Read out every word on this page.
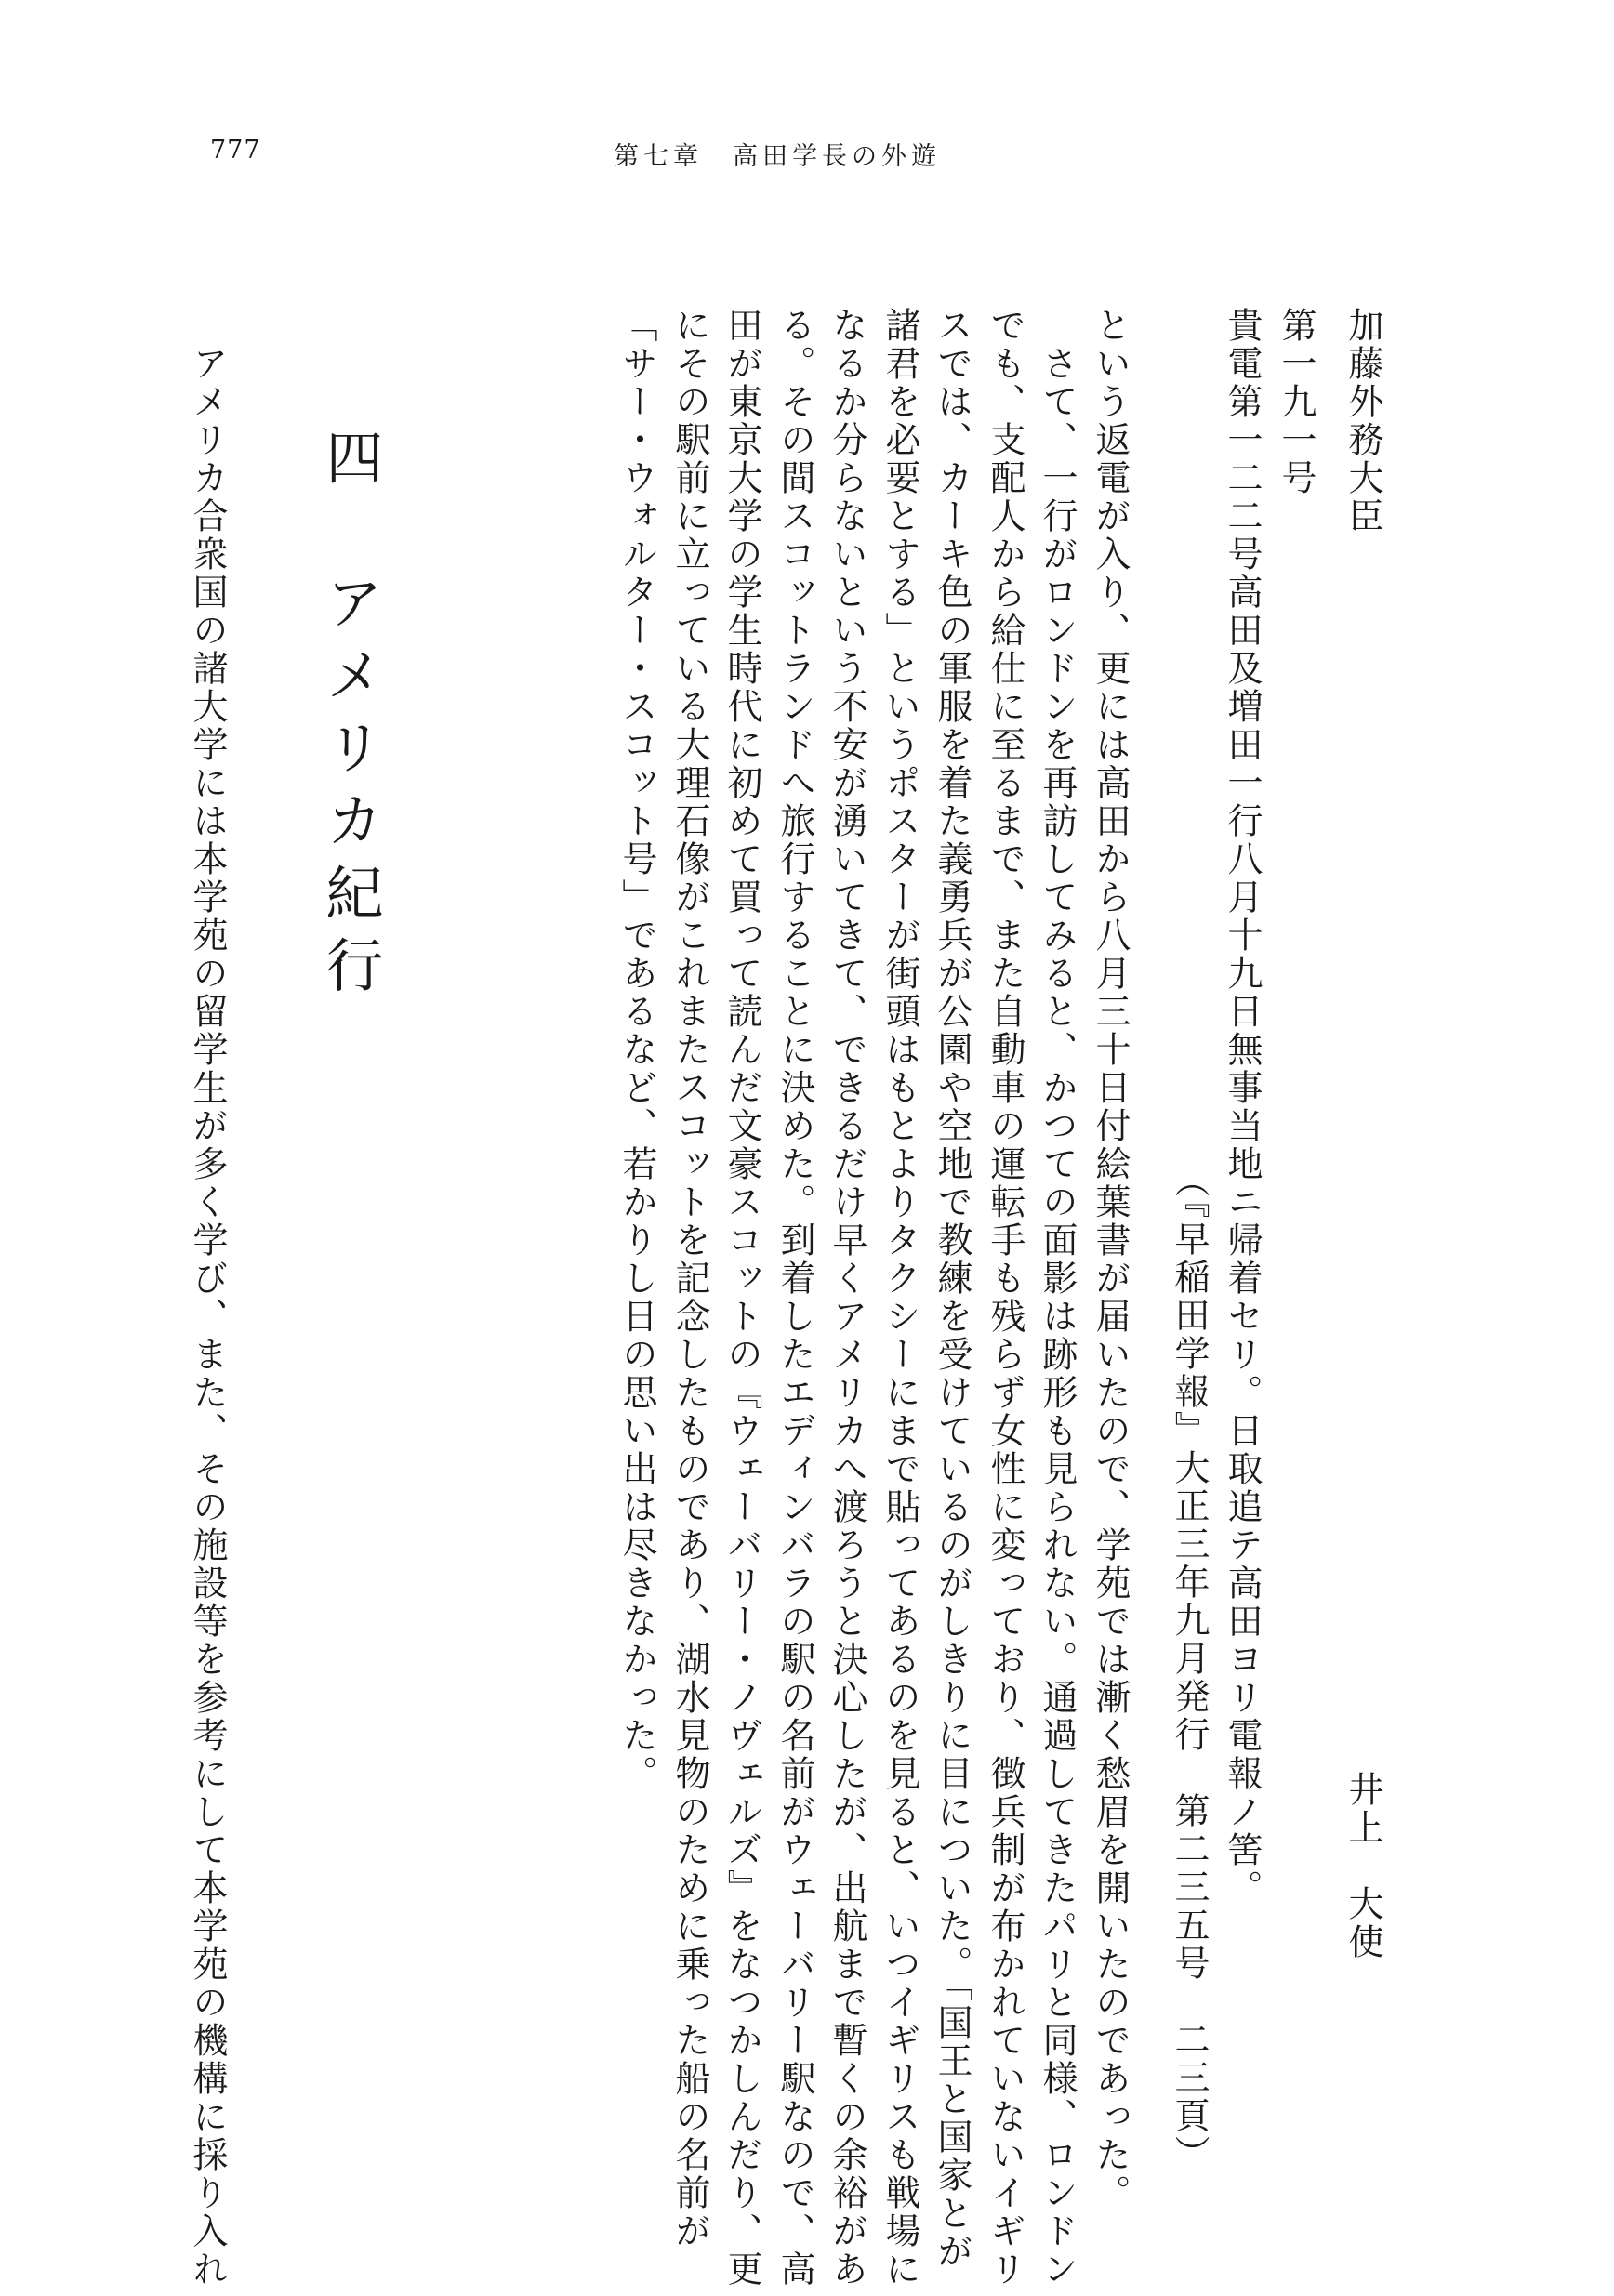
777	第七章　高田学長の外遊
加藤外務大臣
井上　大使
第一九一号
貴電第一二二号高田及増田一行八月十九日無事当地ニ帰着セリ。日取追テ高田ヨリ電報ノ筈。
（『早稲田学報』大正三年九月発行　第二三五号　二三頁）
という返電が入り、更には高田から八月三十日付絵葉書が届いたので、学苑では漸く愁眉を開いたのであった。
　さて、一行がロンドンを再訪してみると、かつての面影は跡形も見られない。通過してきたパリと同様、ロンドン
でも、支配人から給仕に至るまで、また自動車の運転手も残らず女性に変っており、徴兵制が布かれていないイギリ
スでは、カーキ色の軍服を着た義勇兵が公園や空地で教練を受けているのがしきりに目についた。「国王と国家とが
諸君を必要とする」というポスターが街頭はもとよりタクシーにまで貼ってあるのを見ると、いつイギリスも戦場に
なるか分らないという不安が湧いてきて、できるだけ早くアメリカへ渡ろうと決心したが、出航まで暫くの余裕があ
る。その間スコットランドへ旅行することに決めた。到着したエディンバラの駅の名前がウェーバリー駅なので、高
田が東京大学の学生時代に初めて買って読んだ文豪スコットの『ウェーバリー・ノヴェルズ』をなつかしんだり、更
にその駅前に立っている大理石像がこれまたスコットを記念したものであり、湖水見物のために乗った船の名前が
「サー・ウォルター・スコット号」であるなど、若かりし日の思い出は尽きなかった。
四　アメリカ紀行
　アメリカ合衆国の諸大学には本学苑の留学生が多く学び、また、その施設等を参考にして本学苑の機構に採り入れ
